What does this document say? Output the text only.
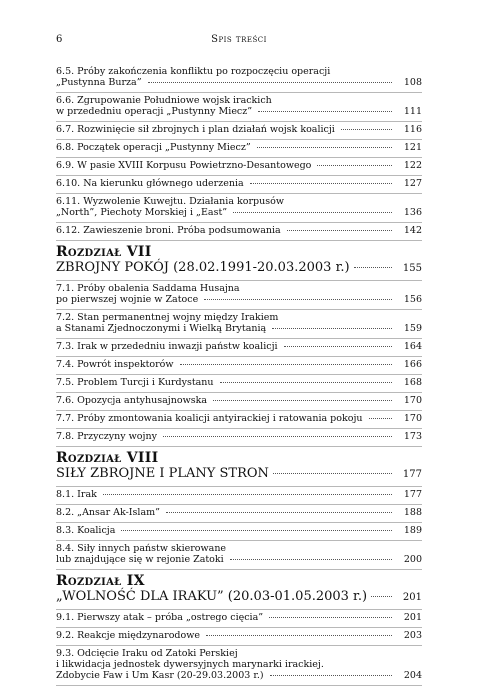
6	Spis treści
6.5. Próby zakończenia konfliktu po rozpoczęciu operacji
„Pustynna Burza”	108
6.6. Zgrupowanie Południowe wojsk irackich
w przededniu operacji „Pustynny Miecz”	111
6.7. Rozwinięcie sił zbrojnych i plan działań wojsk koalicji	116
6.8. Początek operacji „Pustynny Miecz”	121
6.9. W pasie XVIII Korpusu Powietrzno-Desantowego	122
6.10. Na kierunku głównego uderzenia	127
6.11. Wyzwolenie Kuwejtu. Działania korpusów
„North”, Piechoty Morskiej i „East”	136
6.12. Zawieszenie broni. Próba podsumowania	142
Rozdział VII
ZBROJNY POKÓJ (28.02.1991-20.03.2003 r.)	155
7.1. Próby obalenia Saddama Husajna
po pierwszej wojnie w Zatoce	156
7.2. Stan permanentnej wojny między Irakiem
a Stanami Zjednoczonymi i Wielką Brytanią	159
7.3. Irak w przededniu inwazji państw koalicji	164
7.4. Powrót inspektorów	166
7.5. Problem Turcji i Kurdystanu	168
7.6. Opozycja antyhusajnowska	170
7.7. Próby zmontowania koalicji antyirackiej i ratowania pokoju	170
7.8. Przyczyny wojny	173
Rozdział VIII
SIŁY ZBROJNE I PLANY STRON	177
8.1. Irak	177
8.2. „Ansar Ak-Islam”	188
8.3. Koalicja	189
8.4. Siły innych państw skierowane
lub znajdujące się w rejonie Zatoki	200
Rozdział IX
„WOLNOŚĆ DLA IRAKU” (20.03-01.05.2003 r.)	201
9.1. Pierwszy atak – próba „ostrego cięcia”	201
9.2. Reakcje międzynarodowe	203
9.3. Odcięcie Iraku od Zatoki Perskiej
i likwidacja jednostek dywersyjnych marynarki irackiej.
Zdobycie Faw i Um Kasr (20-29.03.2003 r.)	204
